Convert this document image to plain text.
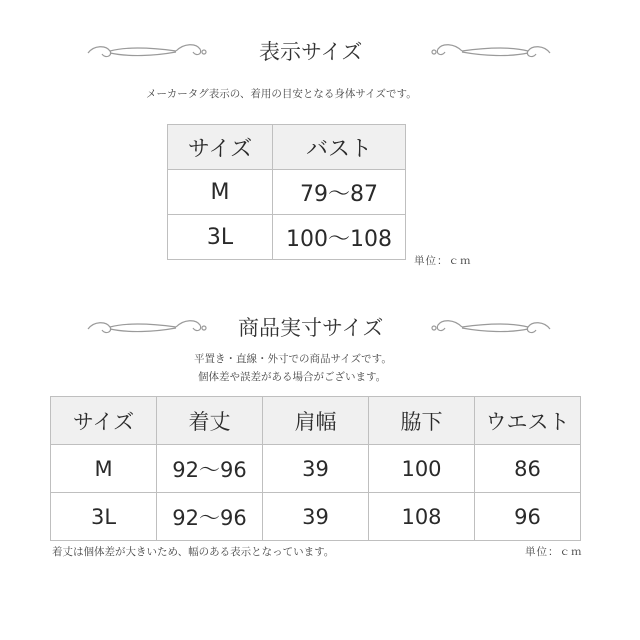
表示サイズ
メーカータグ表示の、着用の目安となる身体サイズです。
サイズ	バスト
M	79〜87
3L	100〜108
単位：ｃｍ
商品実寸サイズ
平置き・直線・外寸での商品サイズです。
個体差や誤差がある場合がございます。
サイズ	着丈	肩幅	脇下	ウエスト
M	92〜96	39	100	86
3L	92〜96	39	108	96
着丈は個体差が大きいため、幅のある表示となっています。	単位：ｃｍ
